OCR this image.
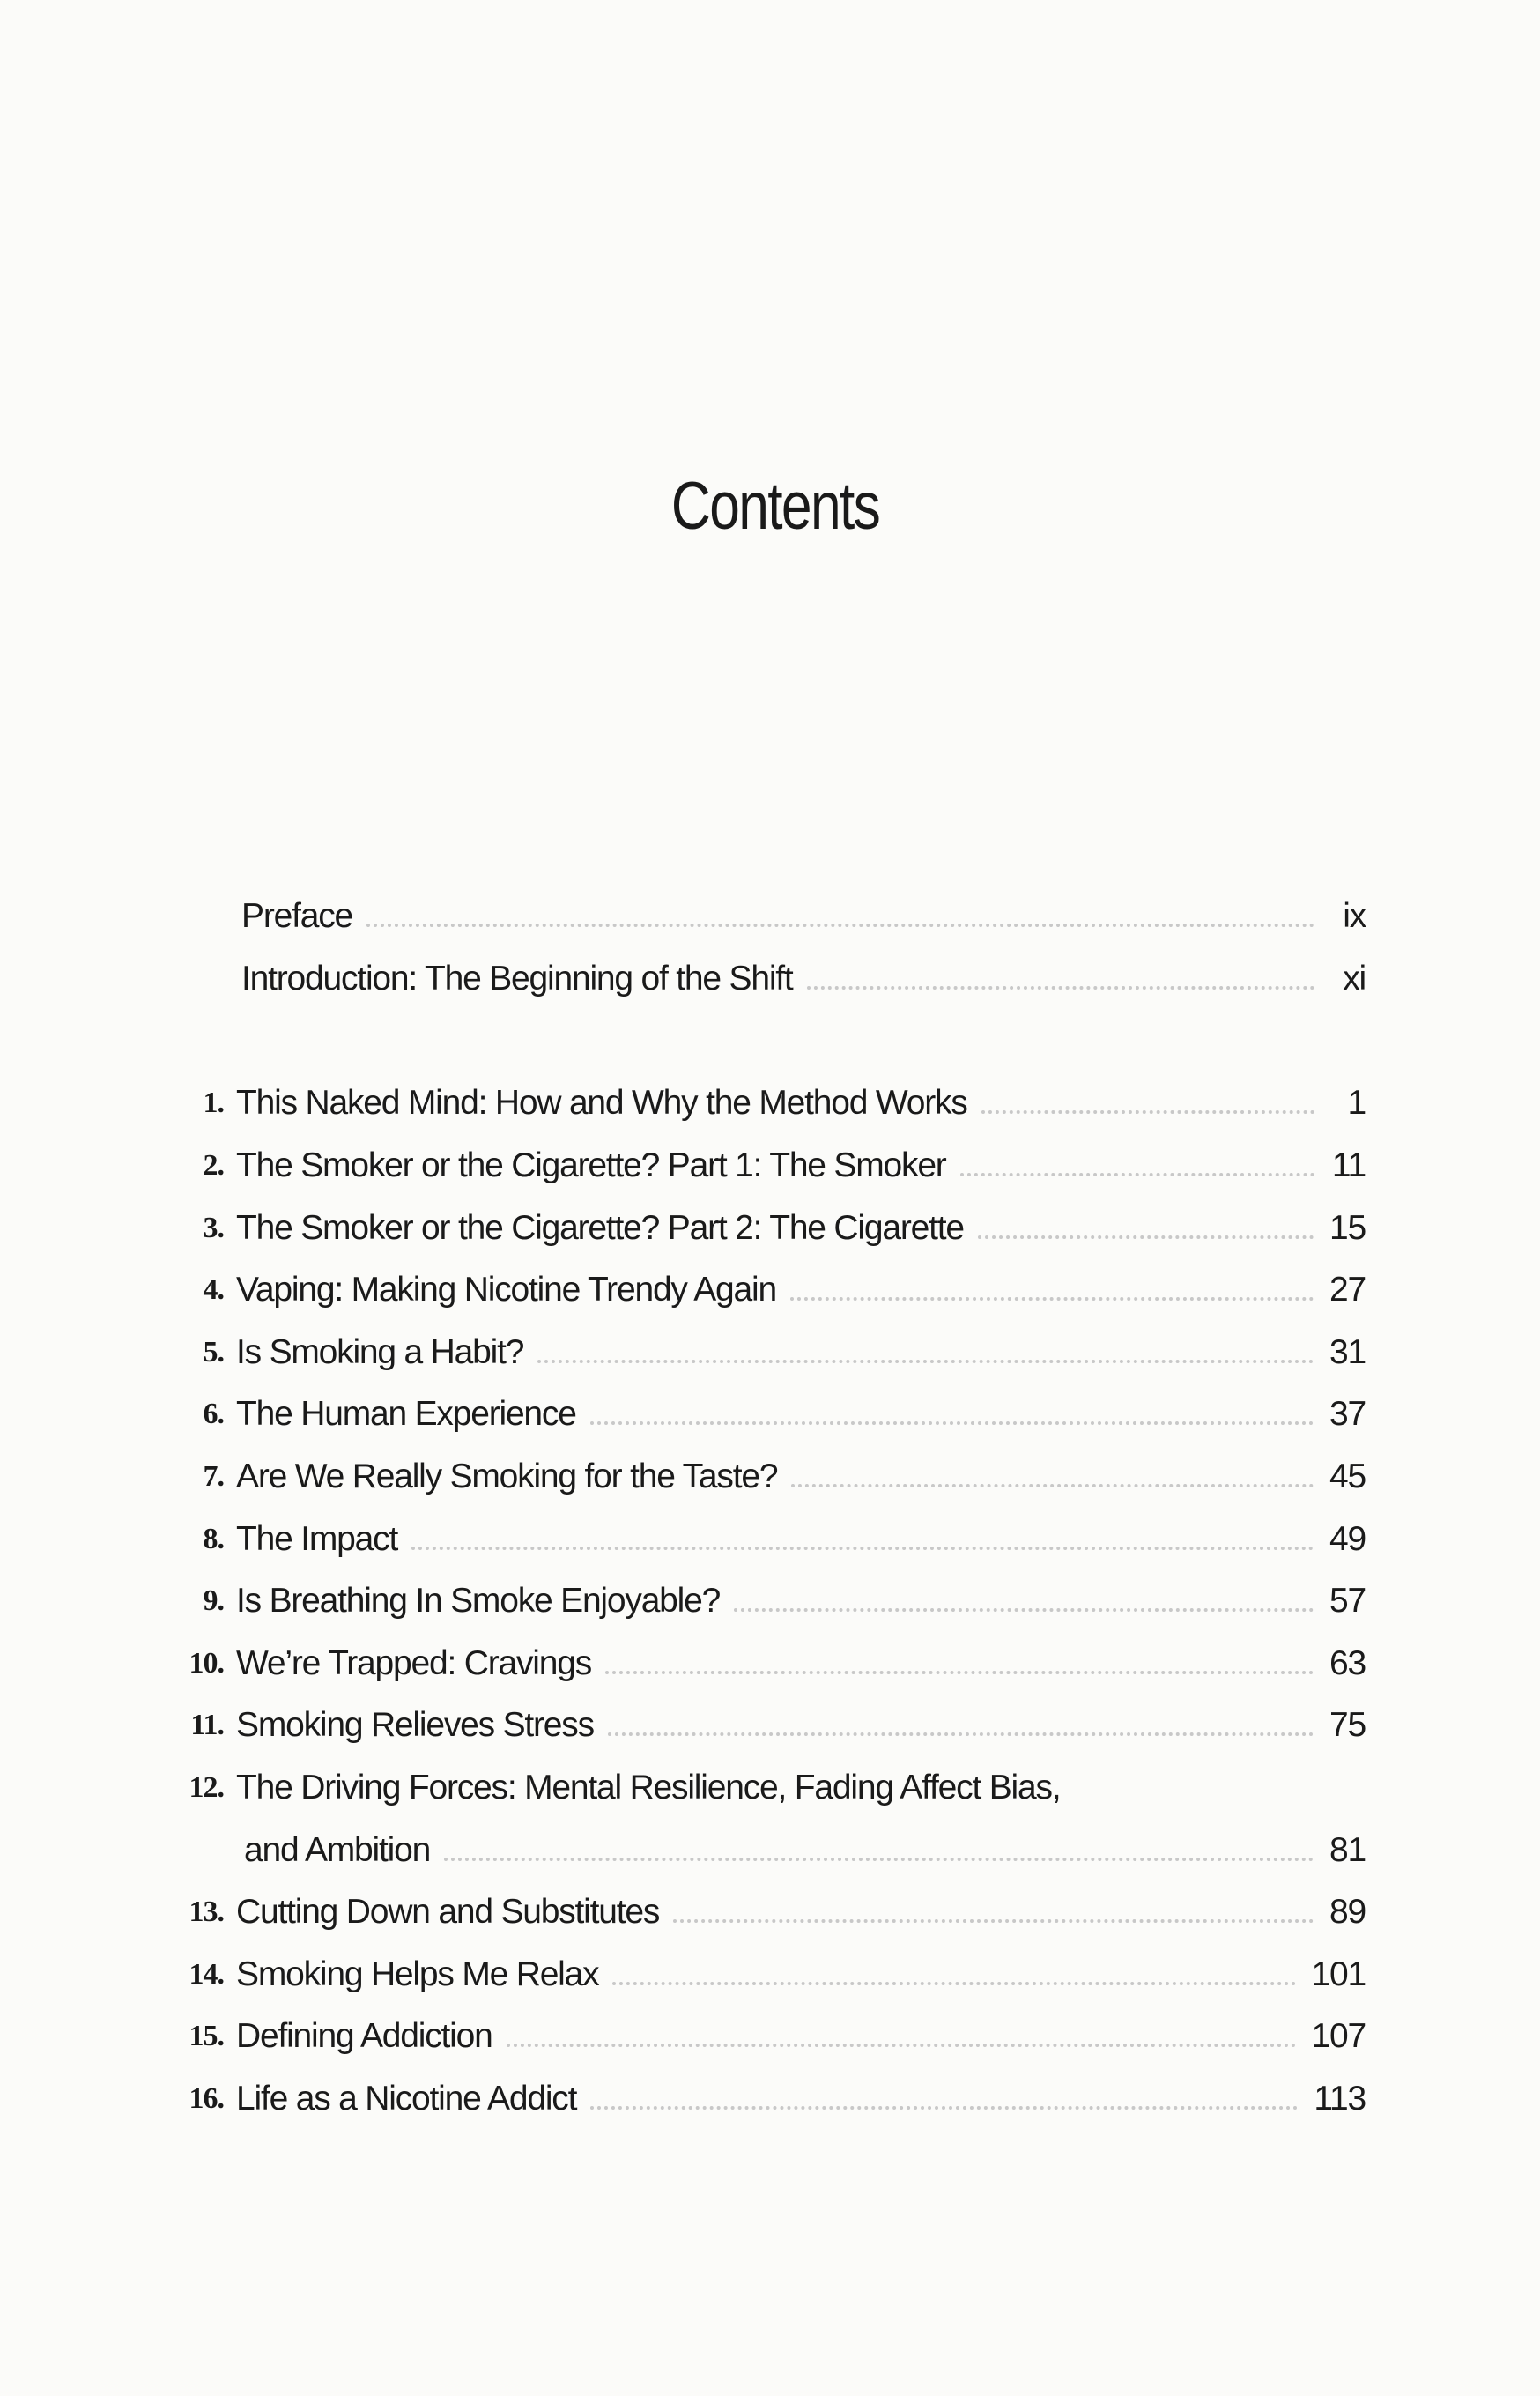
Contents
Preface	ix
Introduction: The Beginning of the Shift	xi
1. This Naked Mind: How and Why the Method Works	1
2. The Smoker or the Cigarette? Part 1: The Smoker	11
3. The Smoker or the Cigarette? Part 2: The Cigarette	15
4. Vaping: Making Nicotine Trendy Again	27
5. Is Smoking a Habit?	31
6. The Human Experience	37
7. Are We Really Smoking for the Taste?	45
8. The Impact	49
9. Is Breathing In Smoke Enjoyable?	57
10. We’re Trapped: Cravings	63
11. Smoking Relieves Stress	75
12. The Driving Forces: Mental Resilience, Fading Affect Bias,
and Ambition	81
13. Cutting Down and Substitutes	89
14. Smoking Helps Me Relax	101
15. Defining Addiction	107
16. Life as a Nicotine Addict	113
